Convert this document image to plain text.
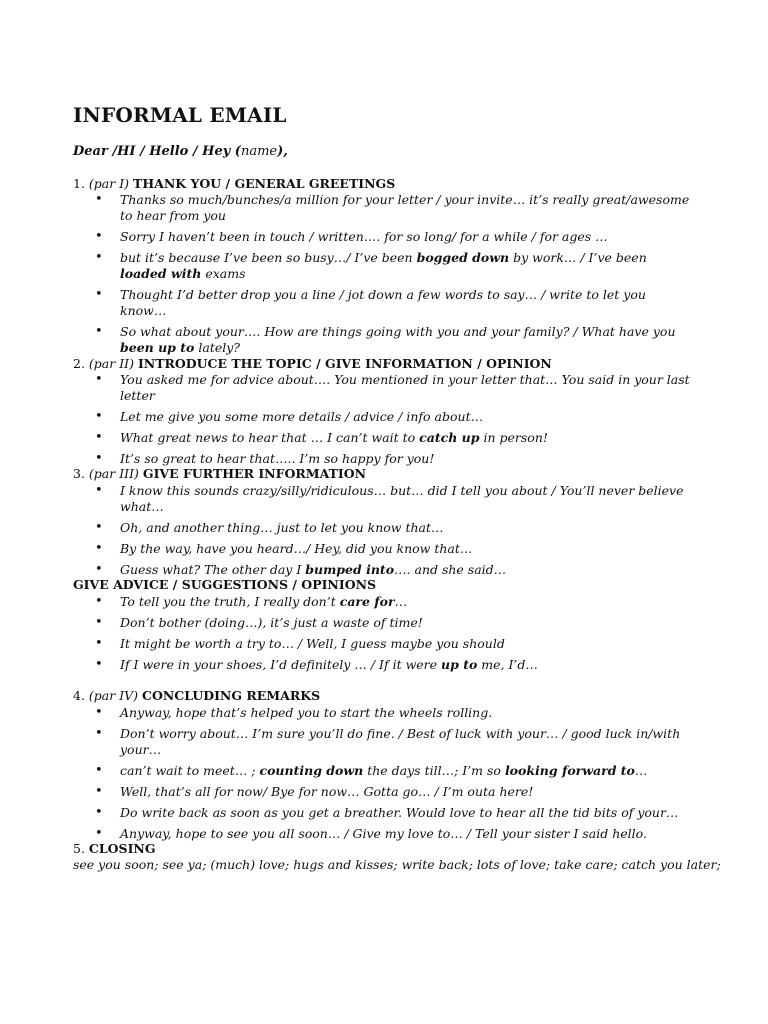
INFORMAL EMAIL
Dear /HI / Hello / Hey (name),
1. (par I) THANK YOU / GENERAL GREETINGS
• Thanks so much/bunches/a million for your letter / your invite… it’s really great/awesome to hear from you
• Sorry I haven’t been in touch / written…. for so long/ for a while / for ages …
• but it’s because I’ve been so busy…/ I’ve been bogged down by work… / I’ve been loaded with exams
• Thought I’d better drop you a line / jot down a few words to say… / write to let you know…
• So what about your…. How are things going with you and your family? / What have you been up to lately?
2. (par II) INTRODUCE THE TOPIC / GIVE INFORMATION / OPINION
• You asked me for advice about…. You mentioned in your letter that… You said in your last letter
• Let me give you some more details / advice / info about…
• What great news to hear that … I can’t wait to catch up in person!
• It’s so great to hear that….. I’m so happy for you!
3. (par III) GIVE FURTHER INFORMATION
• I know this sounds crazy/silly/ridiculous… but… did I tell you about / You’ll never believe what…
• Oh, and another thing… just to let you know that…
• By the way, have you heard…/ Hey, did you know that…
• Guess what? The other day I bumped into…. and she said…
GIVE ADVICE / SUGGESTIONS / OPINIONS
• To tell you the truth, I really don’t care for…
• Don’t bother (doing…), it’s just a waste of time!
• It might be worth a try to… / Well, I guess maybe you should
• If I were in your shoes, I’d definitely … / If it were up to me, I’d…
4. (par IV) CONCLUDING REMARKS
• Anyway, hope that’s helped you to start the wheels rolling.
• Don’t worry about… I’m sure you’ll do fine. / Best of luck with your… / good luck in/with your…
• can’t wait to meet… ; counting down the days till…; I’m so looking forward to…
• Well, that’s all for now/ Bye for now… Gotta go… / I’m outa here!
• Do write back as soon as you get a breather. Would love to hear all the tid bits of your…
• Anyway, hope to see you all soon… / Give my love to… / Tell your sister I said hello.
5. CLOSING
see you soon; see ya; (much) love; hugs and kisses; write back; lots of love; take care; catch you later;
